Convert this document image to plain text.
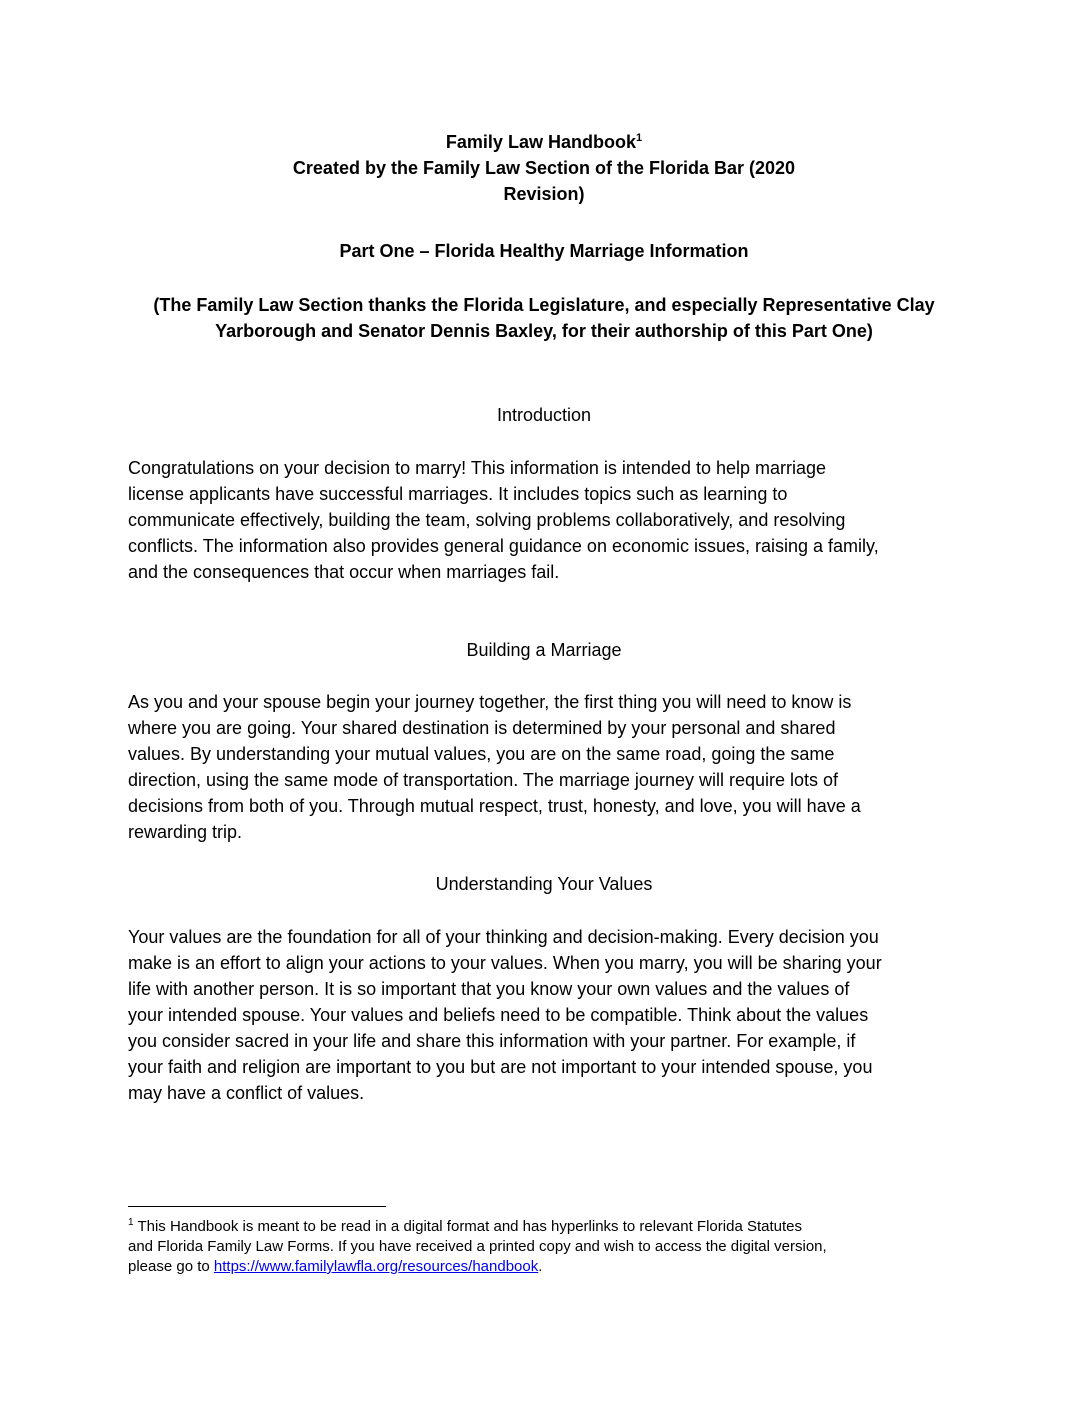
Family Law Handbook$^1$
Created by the Family Law Section of the Florida Bar (2020
Revision)
Part One – Florida Healthy Marriage Information
(The Family Law Section thanks the Florida Legislature, and especially Representative Clay
Yarborough and Senator Dennis Baxley, for their authorship of this Part One)
Introduction
Congratulations on your decision to marry! This information is intended to help marriage
license applicants have successful marriages. It includes topics such as learning to
communicate effectively, building the team, solving problems collaboratively, and resolving
conflicts. The information also provides general guidance on economic issues, raising a family,
and the consequences that occur when marriages fail.
Building a Marriage
As you and your spouse begin your journey together, the first thing you will need to know is
where you are going. Your shared destination is determined by your personal and shared
values. By understanding your mutual values, you are on the same road, going the same
direction, using the same mode of transportation. The marriage journey will require lots of
decisions from both of you. Through mutual respect, trust, honesty, and love, you will have a
rewarding trip.
Understanding Your Values
Your values are the foundation for all of your thinking and decision-making. Every decision you
make is an effort to align your actions to your values. When you marry, you will be sharing your
life with another person. It is so important that you know your own values and the values of
your intended spouse. Your values and beliefs need to be compatible. Think about the values
you consider sacred in your life and share this information with your partner. For example, if
your faith and religion are important to you but are not important to your intended spouse, you
may have a conflict of values.
$^1$ This Handbook is meant to be read in a digital format and has hyperlinks to relevant Florida Statutes
and Florida Family Law Forms. If you have received a printed copy and wish to access the digital version,
please go to https://www.familylawfla.org/resources/handbook.
